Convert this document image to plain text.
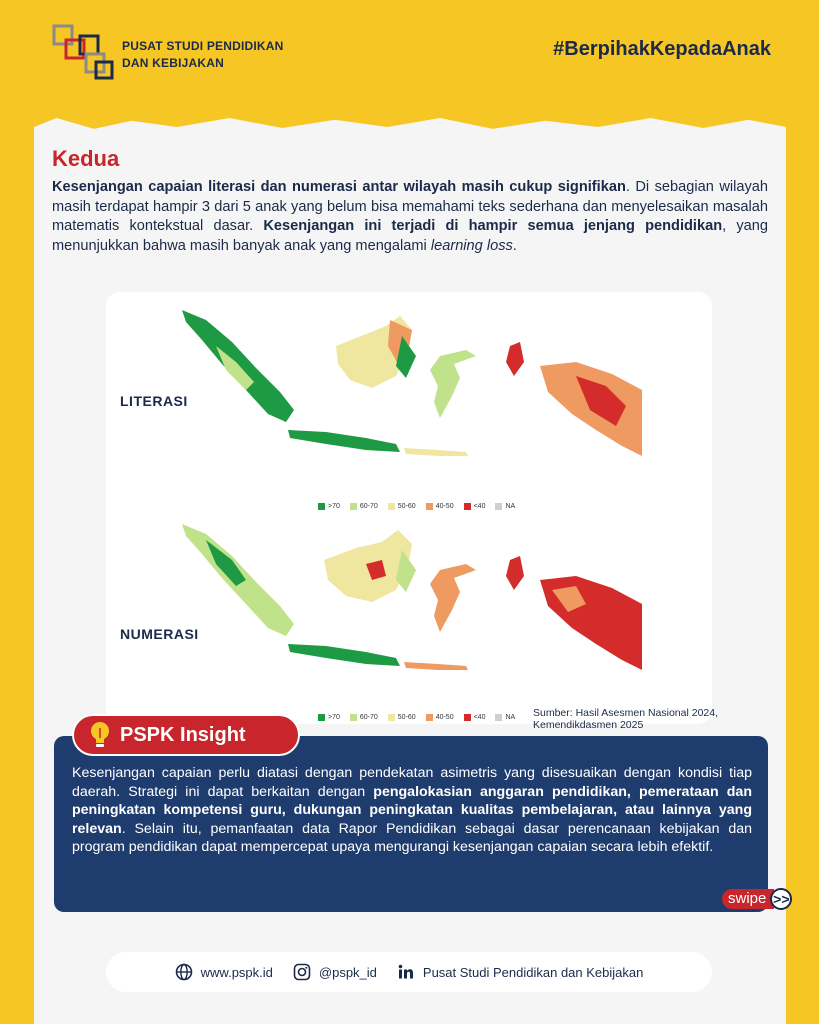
PUSAT STUDI PENDIDIKAN
DAN KEBIJAKAN
#BerpihakKepadaAnak
Kedua
Kesenjangan capaian literasi dan numerasi antar wilayah masih cukup signifikan. Di sebagian wilayah masih terdapat hampir 3 dari 5 anak yang belum bisa memahami teks sederhana dan menyelesaikan masalah matematis kontekstual dasar. Kesenjangan ini terjadi di hampir semua jenjang pendidikan, yang menunjukkan bahwa masih banyak anak yang mengalami learning loss.
LITERASI
>70	60-70	50-60	40-50	<40	NA
NUMERASI
>70	60-70	50-60	40-50	<40	NA Sumber: Hasil Asesmen Nasional 2024,
Kemendikdasmen 2025
Kesenjangan capaian perlu diatasi dengan pendekatan asimetris yang disesuaikan dengan kondisi tiap daerah. Strategi ini dapat berkaitan dengan pengalokasian anggaran pendidikan, pemerataan dan peningkatan kompetensi guru, dukungan peningkatan kualitas pembelajaran, atau lainnya yang relevan. Selain itu, pemanfaatan data Rapor Pendidikan sebagai dasar perencanaan kebijakan dan program pendidikan dapat mempercepat upaya mengurangi kesenjangan capaian secara lebih efektif.
PSPK Insight
swipe >>
www.pspk.id	@pspk_id	Pusat Studi Pendidikan dan Kebijakan
